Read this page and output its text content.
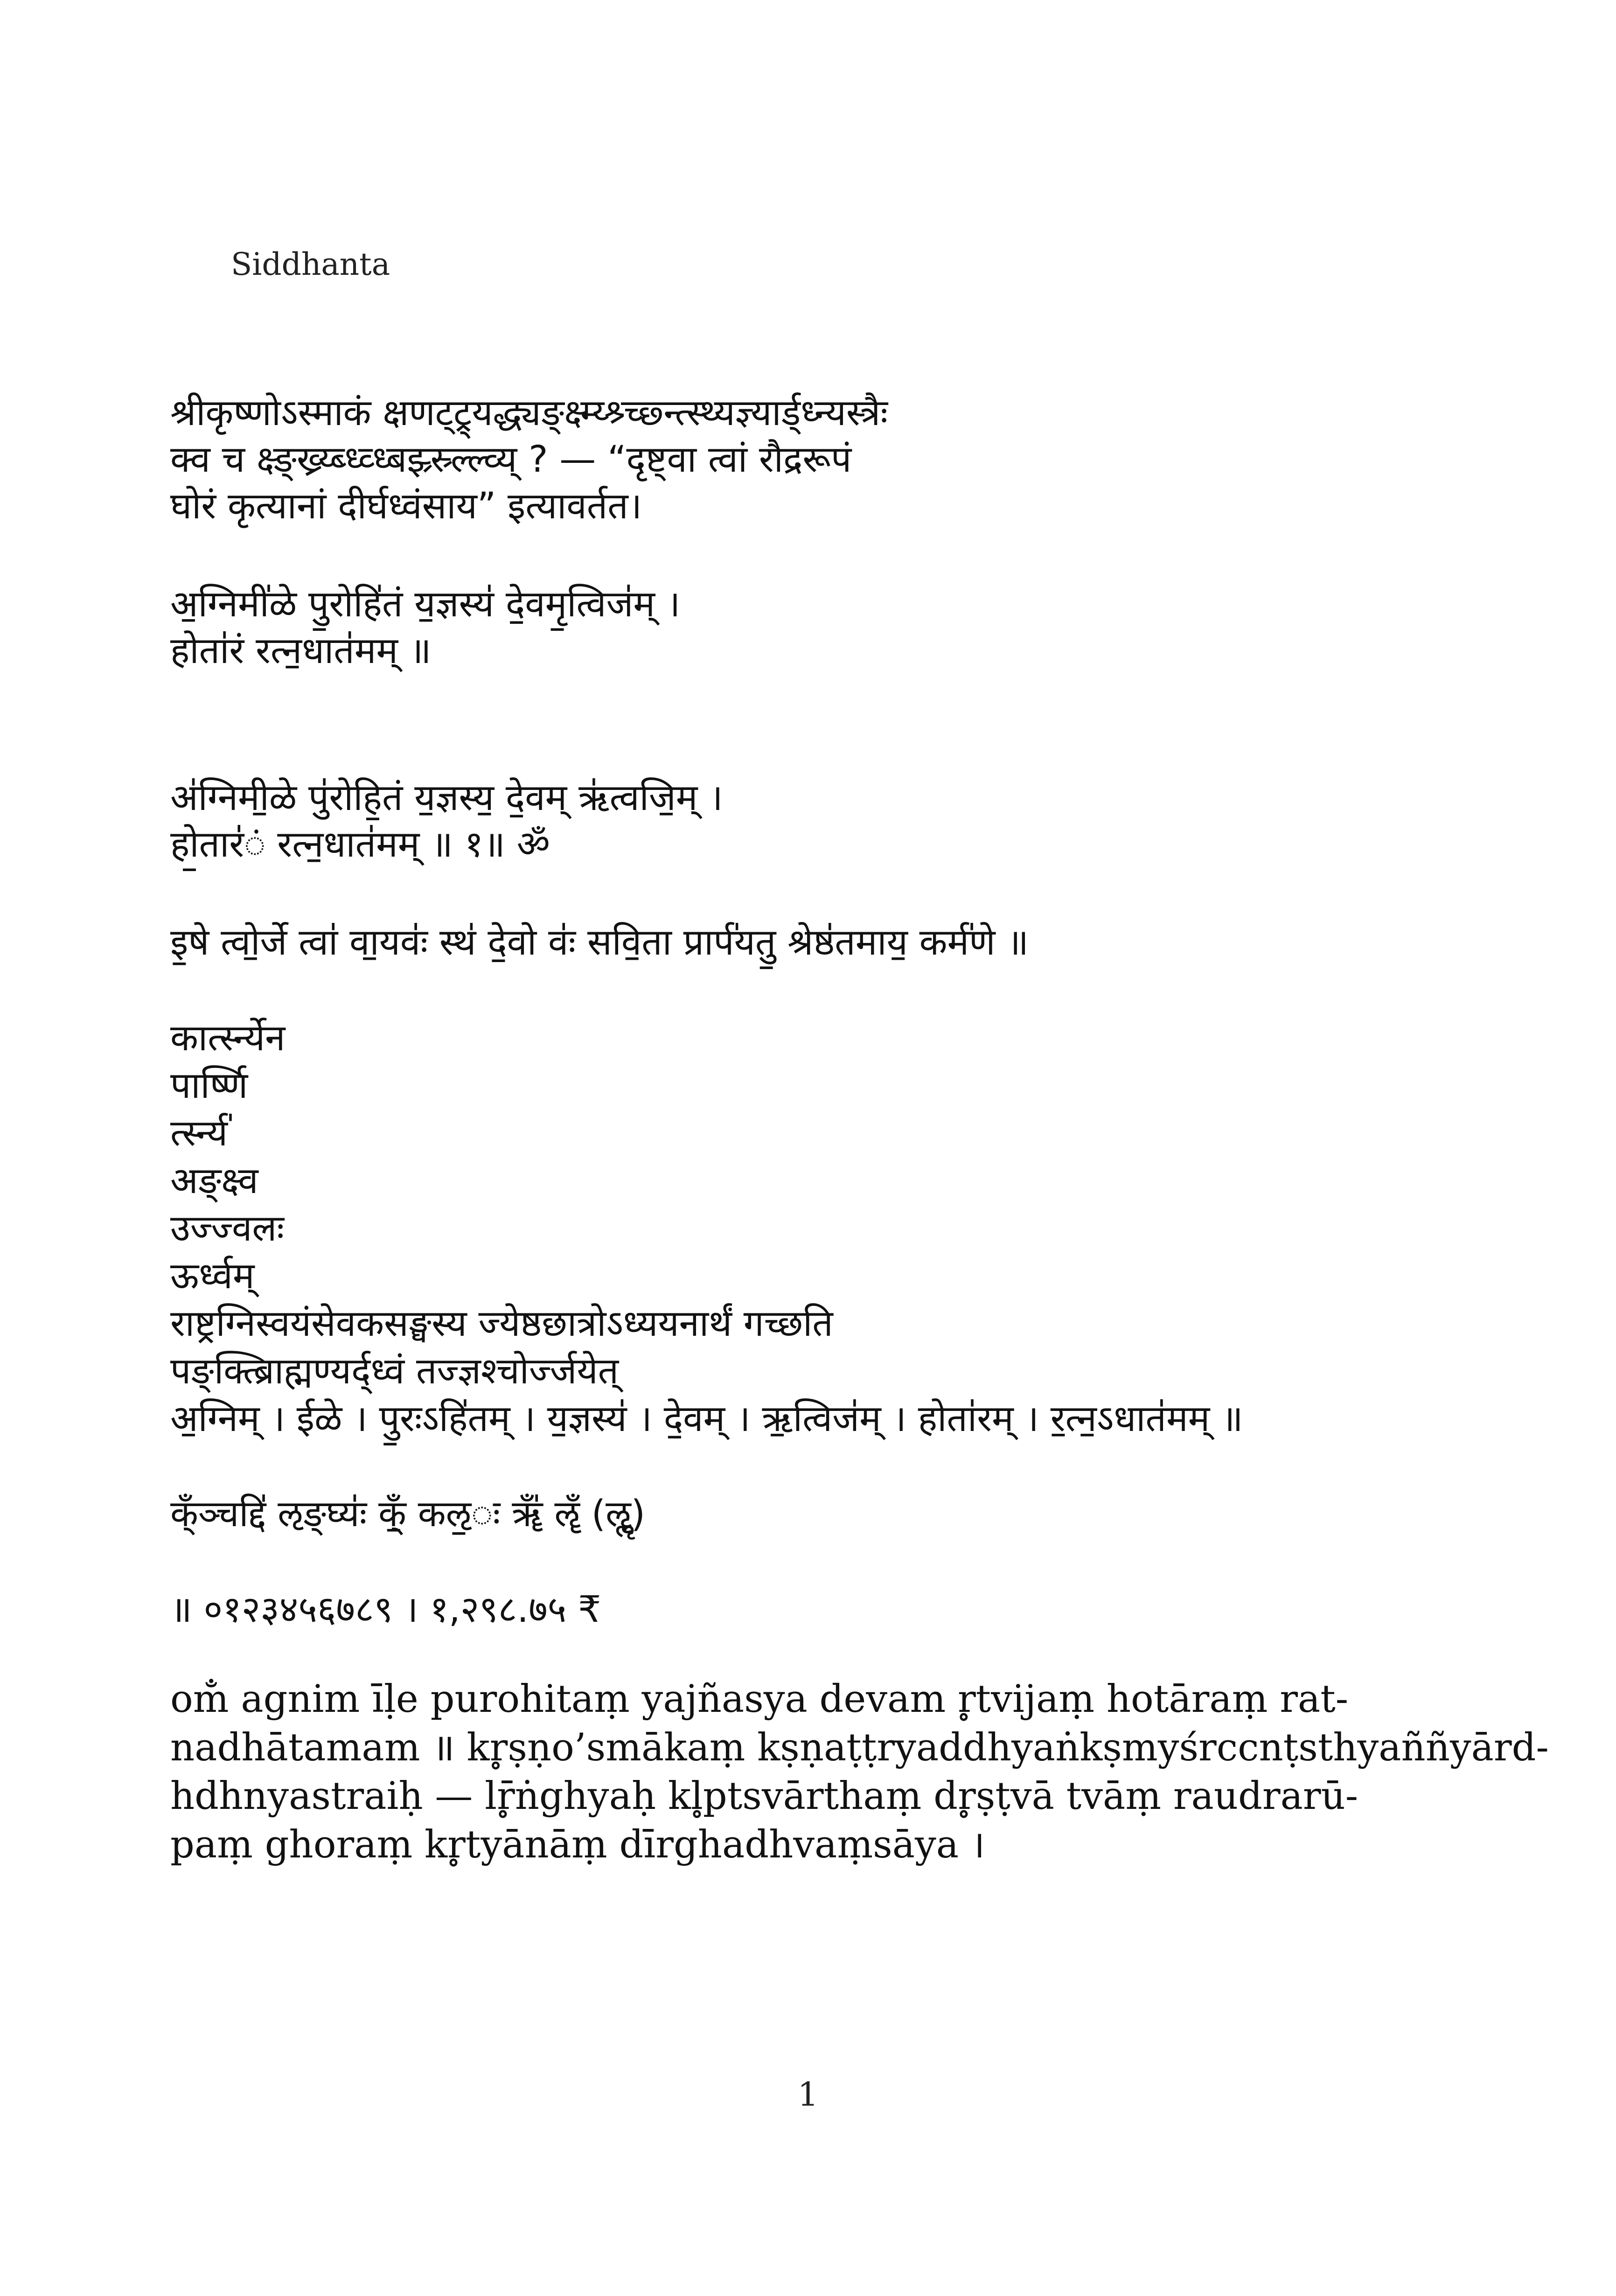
Siddhanta
श्रीकृष्णोऽस्माकं क्षणट्ट्र्यद्ध्यङ्क्ष्म्य्श्र्च्छ्न्त्स्थ्यज्ञ्यार्ड्ध्न्यस्त्रैः
क्व च क्ष्ङ्ख्र्य्ब्ध्व्ध्बझ्र्स्र्ल्ल्व्य् ? — “दृष्ट्वा त्वां रौद्ररूपं
घोरं कृत्यानां दीर्घध्वंसाय” इत्यावर्तत।
अ॒ग्निमी॑ळे पु॒रोहि॑तं य॒ज्ञस्य॑ दे॒वमृ॒त्विज॑म् ।
होता॑रं रत्न॒धात॑मम् ॥
अ॑ग्निमी॒ळे पु॑रोहि॒तं य॒ज्ञस्य॒ दे॒वम् ऋ॑त्वजि॒म् ।
हो॒तार॑ं रत्न॒धात॑मम् ॥ १॥ ॐ
इ॒षे त्वो॒र्जे त्वा॑ वा॒यवः॑ स्थ॑ दे॒वो वः॑ सवि॒ता प्रार्प॑यतु॒ श्रेष्ठ॑तमाय॒ कर्म॑णे ॥
कार्त्स्न्येन
पार्ष्णि
र्त्स्न्य॑
अङ्क्ष्व
उज्ज्वलः
ऊर्ध्वम्
राष्ट्रग्निस्वयंसेवकसङ्घस्य ज्येष्ठछात्रोऽध्ययनार्थं गच्छति
पङ्क्त्ब्रिाह्मण्यर्द्ध्वं तज्ज्ञश्चोर्ज्जयेत्
अ॒ग्निम् । ईळे । पु॒रःऽहि॑तम् । य॒ज्ञस्य॑ । दे॒वम् । ऋ॒त्विज॑म् । होता॑रम् । र॒त्न॒ऽधात॑मम् ॥
क्ँञ्चद्दि॑ ऌङ्घ्यः॑ क्ँ॒ कऌ॒ः ॠँ॑ ॡँ (ॡॢ)
॥ ०१२३४५६७८९ । १,२९८.७५ ₹
om̐ agnim īḷe purohitaṃ yajñasya devam r̥tvijaṃ hotāraṃ rat-
nadhātamam ॥ kr̥ṣṇo’smākaṃ kṣṇaṭṭryaddhyaṅkṣmyśrccnṭsthyaññyārd-
hdhnyastraiḥ — lr̥̄ṅghyaḥ kl̥ptsvārthaṃ dr̥ṣṭvā tvāṃ raudrarū-
paṃ ghoraṃ kr̥tyānāṃ dīrghadhvaṃsāya ।
1
